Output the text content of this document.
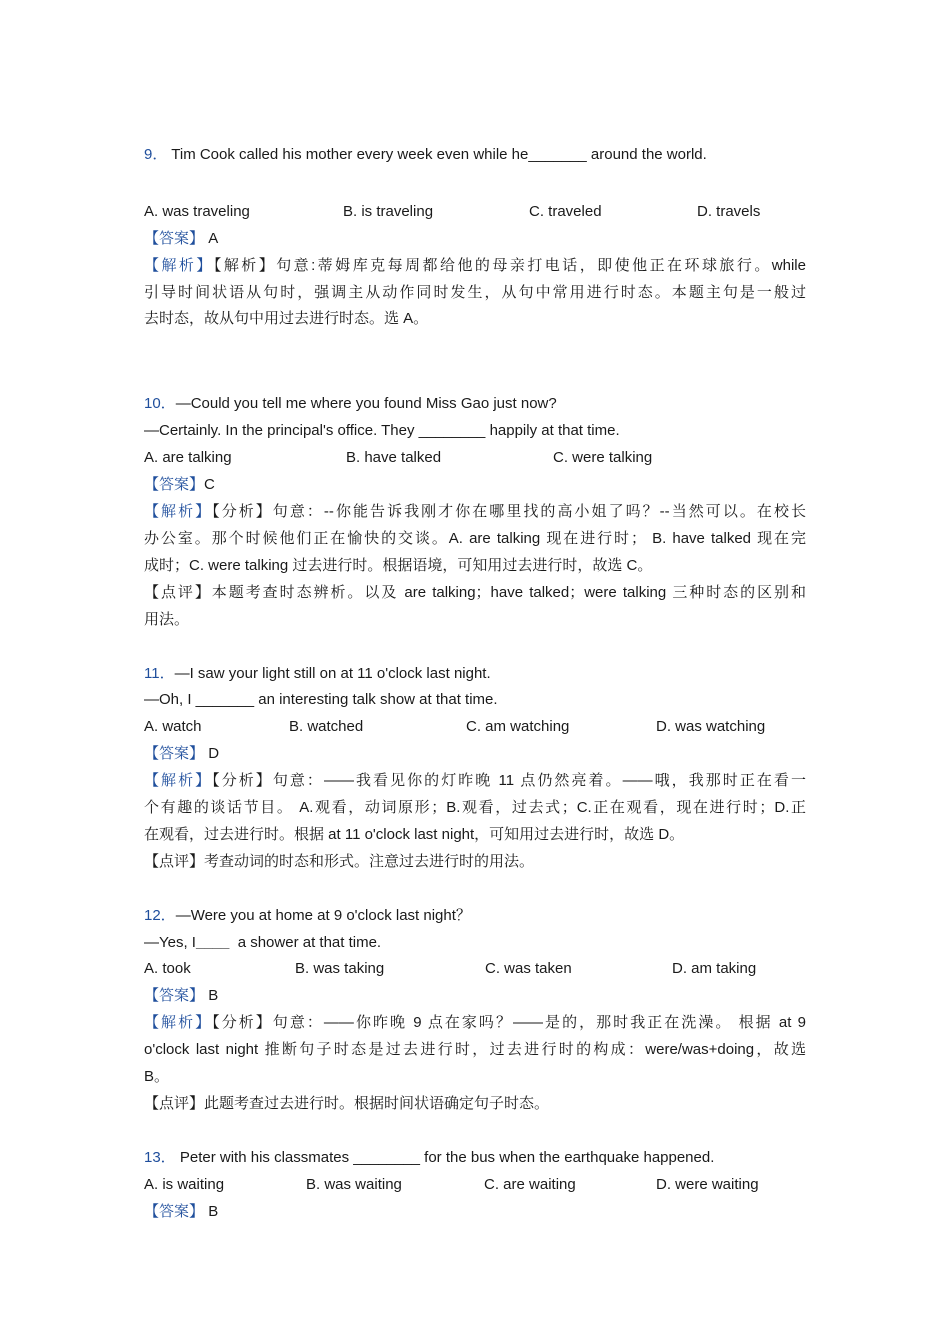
9． Tim Cook called his mother every week even while he_______ around the world.
A. was traveling	B. is traveling	C. traveled	D. travels
【答案】 A
【解析】【解析】句意:蒂姆库克每周都给他的母亲打电话，即使他正在环球旅行。while
引导时间状语从句时，强调主从动作同时发生，从句中常用进行时态。本题主句是一般过
去时态，故从句中用过去进行时态。选 A。
10．—Could you tell me where you found Miss Gao just now?
—Certainly. In the principal's office. They ________ happily at that time.
A. are talking	B. have talked	C. were talking
【答案】C
【解析】【分析】句意：--你能告诉我刚才你在哪里找的高小姐了吗？--当然可以。在校长
办公室。那个时候他们正在愉快的交谈。A. are talking 现在进行时； B. have talked 现在完
成时；C. were talking 过去进行时。根据语境，可知用过去进行时，故选 C。
【点评】本题考查时态辨析。以及 are talking；have talked；were talking 三种时态的区别和
用法。
11．—I saw your light still on at 11 o'clock last night.
—Oh, I _______ an interesting talk show at that time.
A. watch	B. watched	C. am watching	D. was watching
【答案】 D
【解析】【分析】句意：——我看见你的灯昨晚 11 点仍然亮着。——哦，我那时正在看一
个有趣的谈话节目。 A.观看，动词原形；B.观看，过去式；C.正在观看，现在进行时；D.正
在观看，过去进行时。根据 at 11 o'clock last night，可知用过去进行时，故选 D。
【点评】考查动词的时态和形式。注意过去进行时的用法。
12．—Were you at home at 9 o'clock last night？
—Yes, I____ a shower at that time.
A. took	B. was taking	C. was taken	D. am taking
【答案】 B
【解析】【分析】句意：——你昨晚 9 点在家吗？——是的，那时我正在洗澡。 根据 at 9
o'clock last night 推断句子时态是过去进行时，过去进行时的构成：were/was+doing，故选
B。
【点评】此题考查过去进行时。根据时间状语确定句子时态。
13． Peter with his classmates ________ for the bus when the earthquake happened.
A. is waiting	B. was waiting	C. are waiting	D. were waiting
【答案】 B
